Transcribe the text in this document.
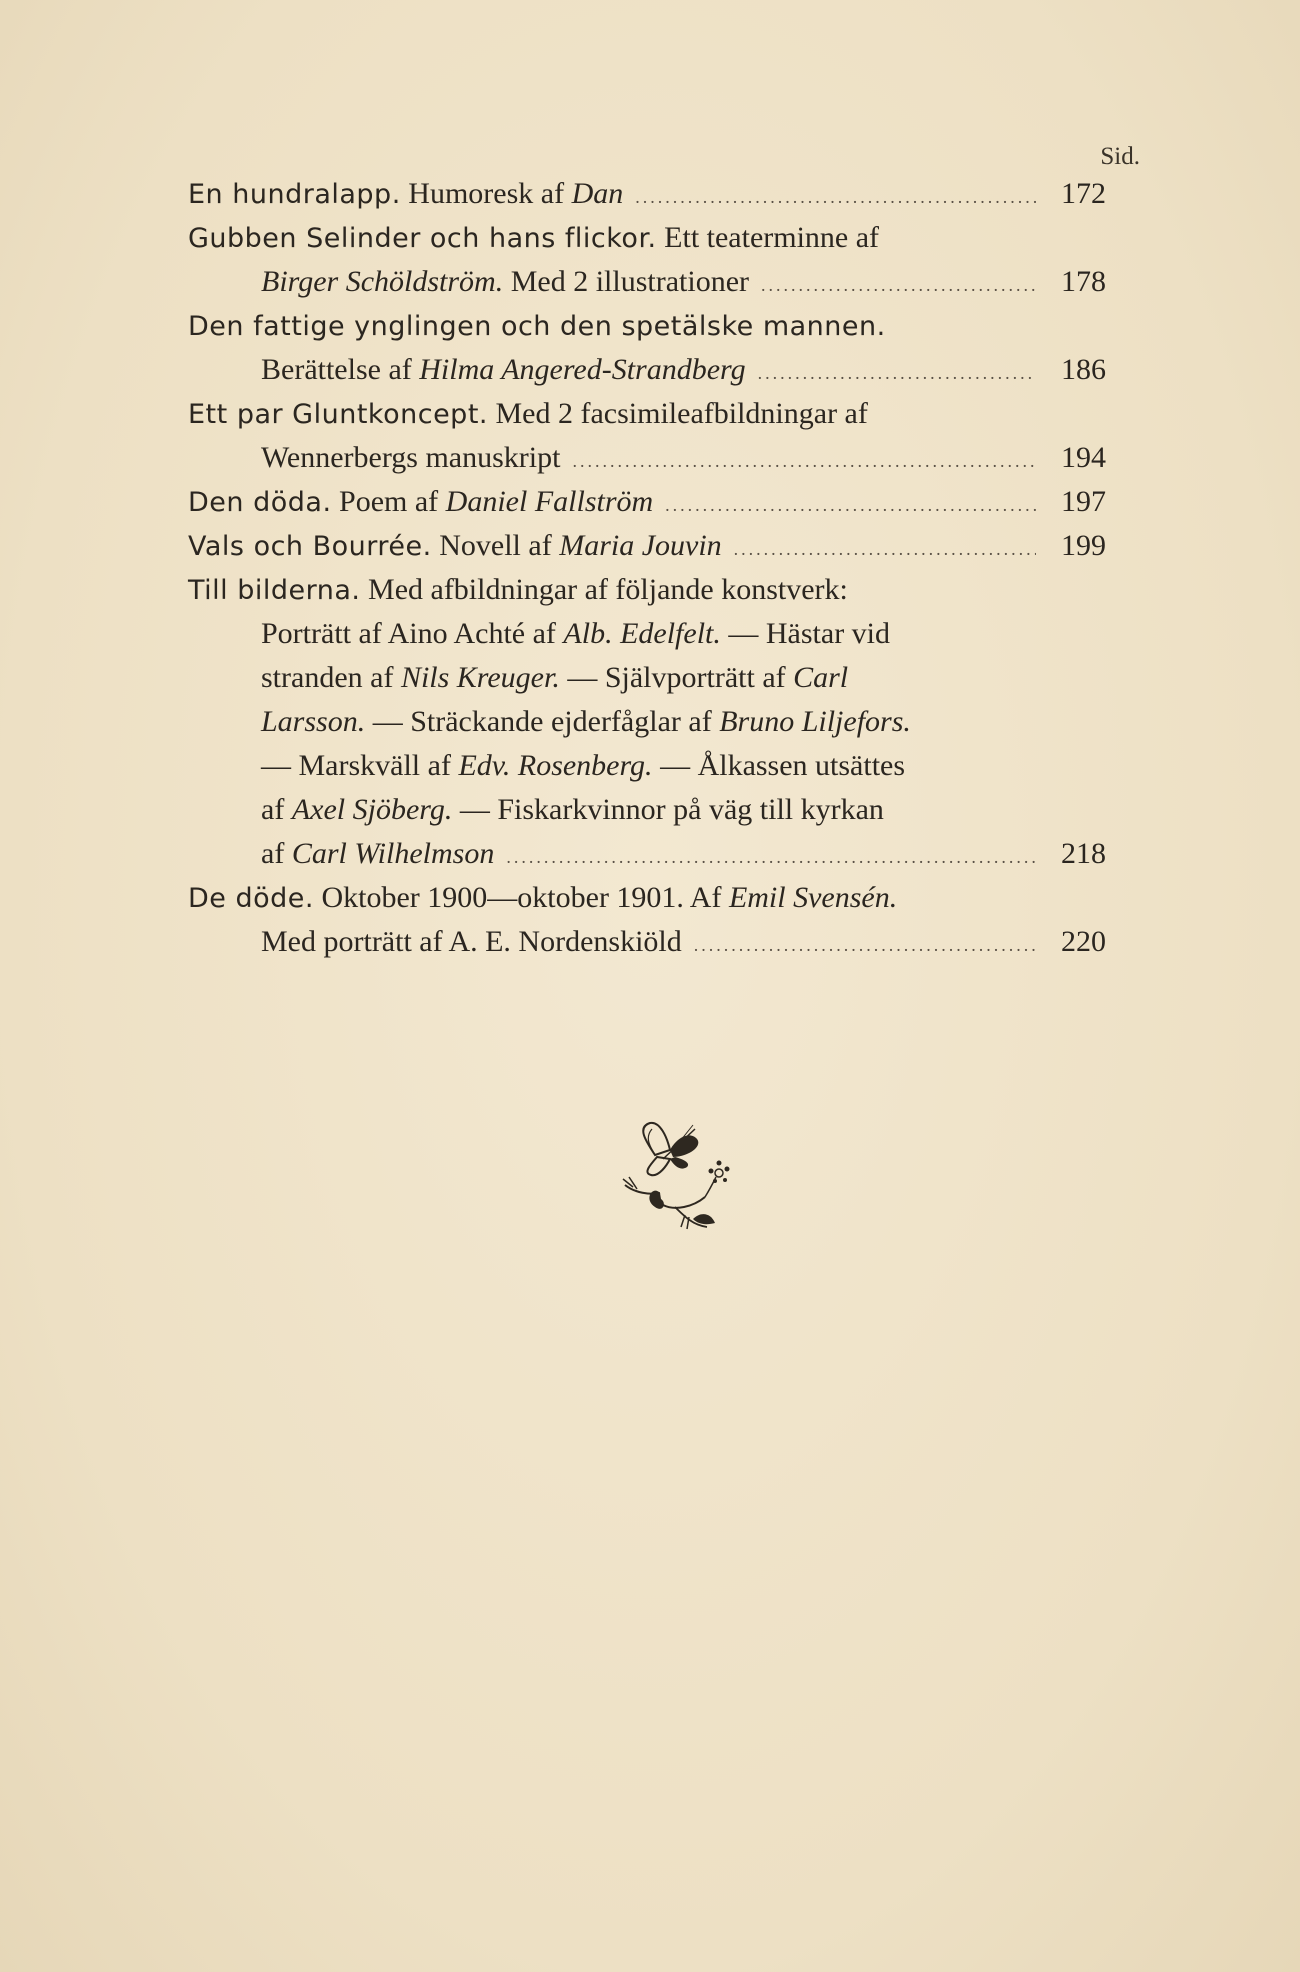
Sid.
En hundralapp. Humoresk af Dan .....	172
Gubben Selinder och hans flickor. Ett teaterminne af
Birger Schöldström. Med 2 illustrationer .....	178
Den fattige ynglingen och den spetälske mannen.
Berättelse af Hilma Angered-Strandberg .....	186
Ett par Gluntkoncept. Med 2 facsimileafbildningar af
Wennerbergs manuskript .....	194
Den döda. Poem af Daniel Fallström .....	197
Vals och Bourrée. Novell af Maria Jouvin .....	199
Till bilderna. Med afbildningar af följande konstverk:
Porträtt af Aino Achté af Alb. Edelfelt. — Hästar vid
stranden af Nils Kreuger. — Självporträtt af Carl
Larsson. — Sträckande ejderfåglar af Bruno Liljefors.
— Marskväll af Edv. Rosenberg. — Ålkassen utsättes
af Axel Sjöberg. — Fiskarkvinnor på väg till kyrkan
af Carl Wilhelmson .....	218
De döde. Oktober 1900—oktober 1901. Af Emil Svensén.
Med porträtt af A. E. Nordenskiöld .....	220
